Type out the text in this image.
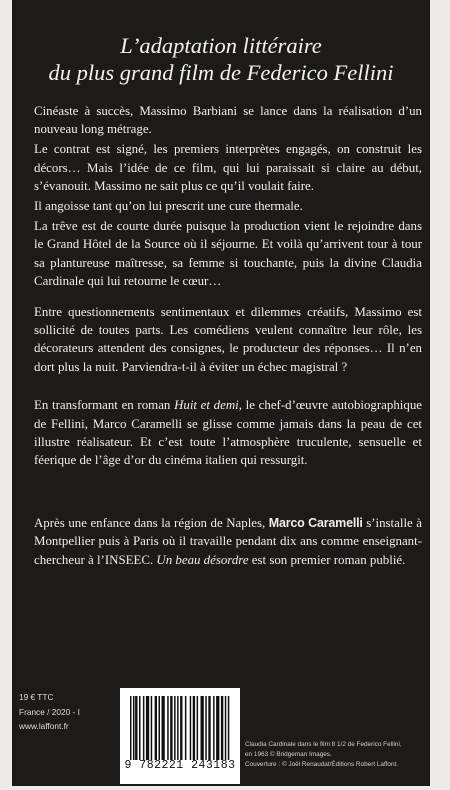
L’adaptation littéraire
du plus grand film de Federico Fellini

Cinéaste à succès, Massimo Barbiani se lance dans la réalisation d’un nouveau long métrage.

Le contrat est signé, les premiers interprètes engagés, on construit les décors… Mais l’idée de ce film, qui lui paraissait si claire au début, s’évanouit. Massimo ne sait plus ce qu’il voulait faire.

Il angoisse tant qu’on lui prescrit une cure thermale.

La trêve est de courte durée puisque la production vient le rejoindre dans le Grand Hôtel de la Source où il séjourne. Et voilà qu’arrivent tour à tour sa plantureuse maîtresse, sa femme si touchante, puis la divine Claudia Cardinale qui lui retourne le cœur…

Entre questionnements sentimentaux et dilemmes créatifs, Massimo est sollicité de toutes parts. Les comédiens veulent connaître leur rôle, les décorateurs attendent des consignes, le producteur des réponses… Il n’en dort plus la nuit. Parviendra-t-il à éviter un échec magistral ?

En transformant en roman Huit et demi, le chef-d’œuvre autobiographique de Fellini, Marco Caramelli se glisse comme jamais dans la peau de cet illustre réalisateur. Et c’est toute l’atmosphère truculente, sensuelle et féerique de l’âge d’or du cinéma italien qui ressurgit.

Après une enfance dans la région de Naples, Marco Caramelli s’installe à Montpellier puis à Paris où il travaille pendant dix ans comme enseignant-chercheur à l’INSEEC. Un beau désordre est son premier roman publié.

19 € TTC
France / 2020 - I
www.laffont.fr
9 782221 243183
Claudia Cardinale dans le film 8 1/2 de Federico Fellini,
en 1963 © Bridgeman Images.
Couverture : © Joël Renaudat/Éditions Robert Laffont.
